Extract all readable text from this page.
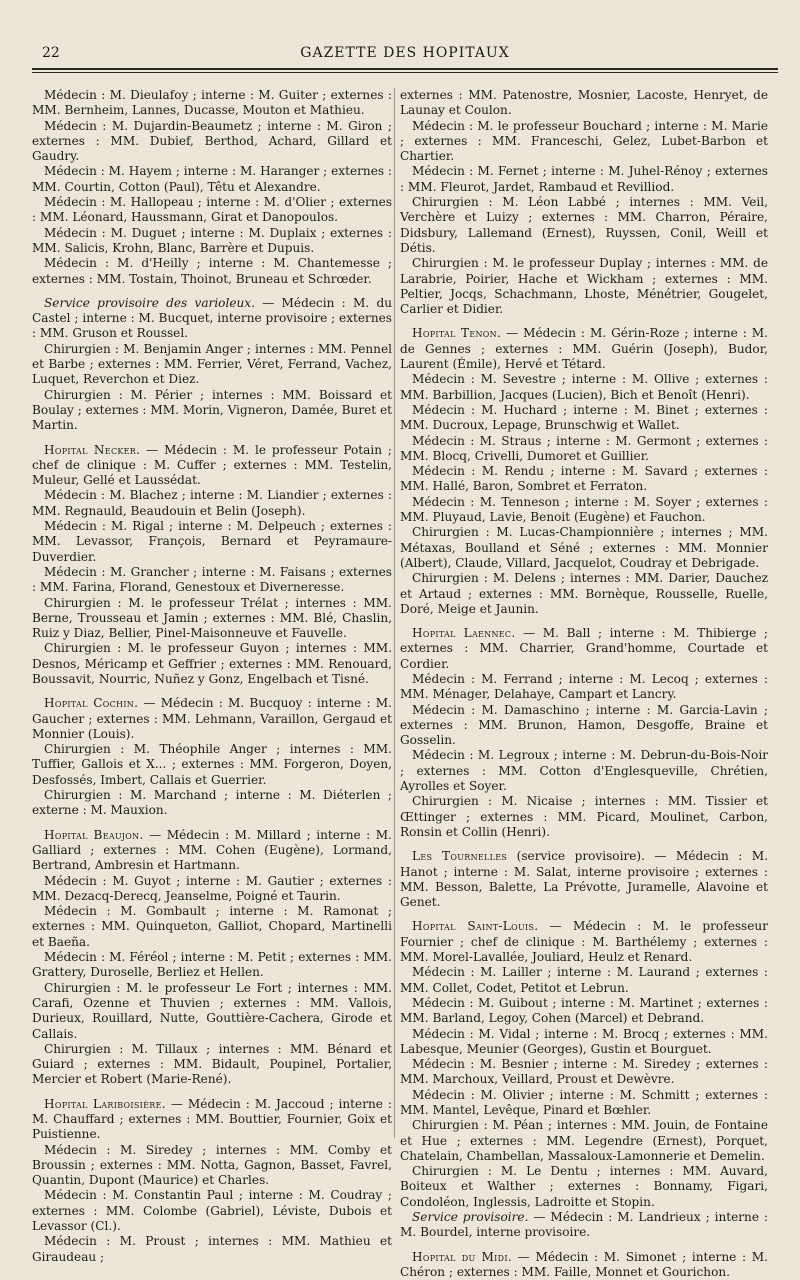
22	GAZETTE DES HOPITAUX

Médecin : M. Dieulafoy ; interne : M. Guiter ; externes : MM. Bernheim, Lannes, Ducasse, Mouton et Mathieu.

Médecin : M. Dujardin-Beaumetz ; interne : M. Giron ; externes : MM. Dubief, Berthod, Achard, Gillard et Gaudry.

Médecin : M. Hayem ; interne : M. Haranger ; externes : MM. Courtin, Cotton (Paul), Têtu et Alexandre.

Médecin : M. Hallopeau ; interne : M. d'Olier ; externes : MM. Léonard, Haussmann, Girat et Danopoulos.

Médecin : M. Duguet ; interne : M. Duplaix ; externes : MM. Salicis, Krohn, Blanc, Barrère et Dupuis.

Médecin : M. d'Heilly ; interne : M. Chantemesse ; externes : MM. Tostain, Thoinot, Bruneau et Schrœder.

Service provisoire des varioleux. — Médecin : M. du Castel ; interne : M. Bucquet, interne provisoire ; externes : MM. Gruson et Roussel.

Chirurgien : M. Benjamin Anger ; internes : MM. Pennel et Barbe ; externes : MM. Ferrier, Véret, Ferrand, Vachez, Luquet, Reverchon et Diez.

Chirurgien : M. Périer ; internes : MM. Boissard et Boulay ; externes : MM. Morin, Vigneron, Damée, Buret et Martin.

Hopital Necker. — Médecin : M. le professeur Potain ; chef de clinique : M. Cuffer ; externes : MM. Testelin, Muleur, Gellé et Laussédat.

Médecin : M. Blachez ; interne : M. Liandier ; externes : MM. Regnauld, Beaudouin et Belin (Joseph).

Médecin : M. Rigal ; interne : M. Delpeuch ; externes : MM. Levassor, François, Bernard et Peyramaure-Duverdier.

Médecin : M. Grancher ; interne : M. Faisans ; externes : MM. Farina, Florand, Genestoux et Diverneresse.

Chirurgien : M. le professeur Trélat ; internes : MM. Berne, Trousseau et Jamin ; externes : MM. Blé, Chaslin, Ruiz y Diaz, Bellier, Pinel-Maisonneuve et Fauvelle.

Chirurgien : M. le professeur Guyon ; internes : MM. Desnos, Méricamp et Geffrier ; externes : MM. Renouard, Boussavit, Nourric, Nuñez y Gonz, Engelbach et Tisné.

Hopital Cochin. — Médecin : M. Bucquoy : interne : M. Gaucher ; externes : MM. Lehmann, Varaillon, Gergaud et Monnier (Louis).

Chirurgien : M. Théophile Anger ; internes : MM. Tuffier, Gallois et X... ; externes : MM. Forgeron, Doyen, Desfossés, Imbert, Callais et Guerrier.

Chirurgien : M. Marchand ; interne : M. Diéterlen ; externe : M. Mauxion.

Hopital Beaujon. — Médecin : M. Millard ; interne : M. Galliard ; externes : MM. Cohen (Eugène), Lormand, Bertrand, Ambresin et Hartmann.

Médecin : M. Guyot ; interne : M. Gautier ; externes : MM. Dezacq-Derecq, Jeanselme, Poigné et Taurin.

Médecin : M. Gombault ; interne : M. Ramonat ; externes : MM. Quinqueton, Galliot, Chopard, Martinelli et Baeña.

Médecin : M. Féréol ; interne : M. Petit ; externes : MM. Grattery, Duroselle, Berliez et Hellen.

Chirurgien : M. le professeur Le Fort ; internes : MM. Carafi, Ozenne et Thuvien ; externes : MM. Vallois, Durieux, Rouillard, Nutte, Gouttière-Cachera, Girode et Callais.

Chirurgien : M. Tillaux ; internes : MM. Bénard et Guiard ; externes : MM. Bidault, Poupinel, Portalier, Mercier et Robert (Marie-René).

Hopital Lariboisière. — Médecin : M. Jaccoud ; interne : M. Chauffard ; externes : MM. Bouttier, Fournier, Goix et Puistienne.

Médecin : M. Siredey ; internes : MM. Comby et Broussin ; externes : MM. Notta, Gagnon, Basset, Favrel, Quantin, Dupont (Maurice) et Charles.

Médecin : M. Constantin Paul ; interne : M. Coudray ; externes : MM. Colombe (Gabriel), Léviste, Dubois et Levassor (Cl.).

Médecin : M. Proust ; internes : MM. Mathieu et Giraudeau ;

externes : MM. Patenostre, Mosnier, Lacoste, Henryet, de Launay et Coulon.

Médecin : M. le professeur Bouchard ; interne : M. Marie ; externes : MM. Franceschi, Gelez, Lubet-Barbon et Chartier.

Médecin : M. Fernet ; interne : M. Juhel-Rénoy ; externes : MM. Fleurot, Jardet, Rambaud et Revilliod.

Chirurgien : M. Léon Labbé ; internes : MM. Veil, Verchère et Luizy ; externes : MM. Charron, Péraire, Didsbury, Lallemand (Ernest), Ruyssen, Conil, Weill et Détis.

Chirurgien : M. le professeur Duplay ; internes : MM. de Larabrie, Poirier, Hache et Wickham ; externes : MM. Peltier, Jocqs, Schachmann, Lhoste, Ménétrier, Gougelet, Carlier et Didier.

Hopital Tenon. — Médecin : M. Gérin-Roze ; interne : M. de Gennes ; externes : MM. Guérin (Joseph), Budor, Laurent (Émile), Hervé et Tétard.

Médecin : M. Sevestre ; interne : M. Ollive ; externes : MM. Barbillion, Jacques (Lucien), Bich et Benoît (Henri).

Médecin : M. Huchard ; interne : M. Binet ; externes : MM. Ducroux, Lepage, Brunschwig et Wallet.

Médecin : M. Straus ; interne : M. Germont ; externes : MM. Blocq, Crivelli, Dumoret et Guillier.

Médecin : M. Rendu ; interne : M. Savard ; externes : MM. Hallé, Baron, Sombret et Ferraton.

Médecin : M. Tenneson ; interne : M. Soyer ; externes : MM. Pluyaud, Lavie, Benoit (Eugène) et Fauchon.

Chirurgien : M. Lucas-Championnière ; internes ; MM. Métaxas, Boulland et Séné ; externes : MM. Monnier (Albert), Claude, Villard, Jacquelot, Coudray et Debrigade.

Chirurgien : M. Delens ; internes : MM. Darier, Dauchez et Artaud ; externes : MM. Bornèque, Rousselle, Ruelle, Doré, Meige et Jaunin.

Hopital Laennec. — M. Ball ; interne : M. Thibierge ; externes : MM. Charrier, Grand'homme, Courtade et Cordier.

Médecin : M. Ferrand ; interne : M. Lecoq ; externes : MM. Ménager, Delahaye, Campart et Lancry.

Médecin : M. Damaschino ; interne : M. Garcia-Lavin ; externes : MM. Brunon, Hamon, Desgoffe, Braine et Gosselin.

Médecin : M. Legroux ; interne : M. Debrun-du-Bois-Noir ; externes : MM. Cotton d'Englesqueville, Chrétien, Ayrolles et Soyer.

Chirurgien : M. Nicaise ; internes : MM. Tissier et Œttinger ; externes : MM. Picard, Moulinet, Carbon, Ronsin et Collin (Henri).

Les Tournelles (service provisoire). — Médecin : M. Hanot ; interne : M. Salat, interne provisoire ; externes : MM. Besson, Balette, La Prévotte, Juramelle, Alavoine et Genet.

Hopital Saint-Louis. — Médecin : M. le professeur Fournier ; chef de clinique : M. Barthélemy ; externes : MM. Morel-Lavallée, Jouliard, Heulz et Renard.

Médecin : M. Lailler ; interne : M. Laurand ; externes : MM. Collet, Codet, Petitot et Lebrun.

Médecin : M. Guibout ; interne : M. Martinet ; externes : MM. Barland, Legoy, Cohen (Marcel) et Debrand.

Médecin : M. Vidal ; interne : M. Brocq ; externes : MM. Labesque, Meunier (Georges), Gustin et Bourguet.

Médecin : M. Besnier ; interne : M. Siredey ; externes : MM. Marchoux, Veillard, Proust et Dewèvre.

Médecin : M. Olivier ; interne : M. Schmitt ; externes : MM. Mantel, Levêque, Pinard et Bœhler.

Chirurgien : M. Péan ; internes : MM. Jouin, de Fontaine et Hue ; externes : MM. Legendre (Ernest), Porquet, Chatelain, Chambellan, Massaloux-Lamonnerie et Demelin.

Chirurgien : M. Le Dentu ; internes : MM. Auvard, Boiteux et Walther ; externes : Bonnamy, Figari, Condoléon, Inglessis, Ladroitte et Stopin.

Service provisoire. — Médecin : M. Landrieux ; interne : M. Bourdel, interne provisoire.

Hopital du Midi. — Médecin : M. Simonet ; interne : M. Chéron ; externes : MM. Faille, Monnet et Gourichon.
